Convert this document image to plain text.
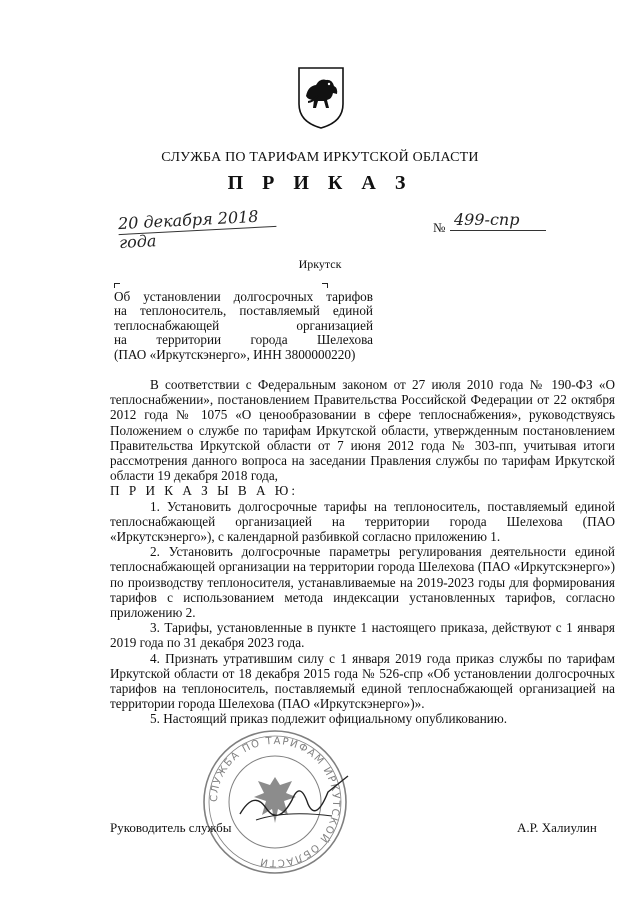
СЛУЖБА ПО ТАРИФАМ ИРКУТСКОЙ ОБЛАСТИ
П Р И К А З
20 декабря 2018 года
№ 499-спр
Иркутск
Об установлении долгосрочных тарифов
на теплоноситель, поставляемый единой
теплоснабжающей организацией
на территории города Шелехова
(ПАО «Иркутскэнерго», ИНН 3800000220)

В соответствии с Федеральным законом от 27 июля 2010 года № 190-ФЗ «О теплоснабжении», постановлением Правительства Российской Федерации от 22 октября 2012 года № 1075 «О ценообразовании в сфере теплоснабжения», руководствуясь Положением о службе по тарифам Иркутской области, утвержденным постановлением Правительства Иркутской области от 7 июня 2012 года № 303-пп, учитывая итоги рассмотрения данного вопроса на заседании Правления службы по тарифам Иркутской области 19 декабря 2018 года,

П Р И К А З Ы В А Ю:

1. Установить долгосрочные тарифы на теплоноситель, поставляемый единой теплоснабжающей организацией на территории города Шелехова (ПАО «Иркутскэнерго»), с календарной разбивкой согласно приложению 1.

2. Установить долгосрочные параметры регулирования деятельности единой теплоснабжающей организации на территории города Шелехова (ПАО «Иркутскэнерго») по производству теплоносителя, устанавливаемые на 2019-2023 годы для формирования тарифов с использованием метода индексации установленных тарифов, согласно приложению 2.

3. Тарифы, установленные в пункте 1 настоящего приказа, действуют с 1 января 2019 года по 31 декабря 2023 года.

4. Признать утратившим силу с 1 января 2019 года приказ службы по тарифам Иркутской области от 18 декабря 2015 года № 526-спр «Об установлении долгосрочных тарифов на теплоноситель, поставляемый единой теплоснабжающей организацией на территории города Шелехова (ПАО «Иркутскэнерго»)».

5. Настоящий приказ подлежит официальному опубликованию.

СЛУЖБА ПО ТАРИФАМ ИРКУТСКОЙ ОБЛАСТИ
Руководитель службы	А.Р. Халиулин
